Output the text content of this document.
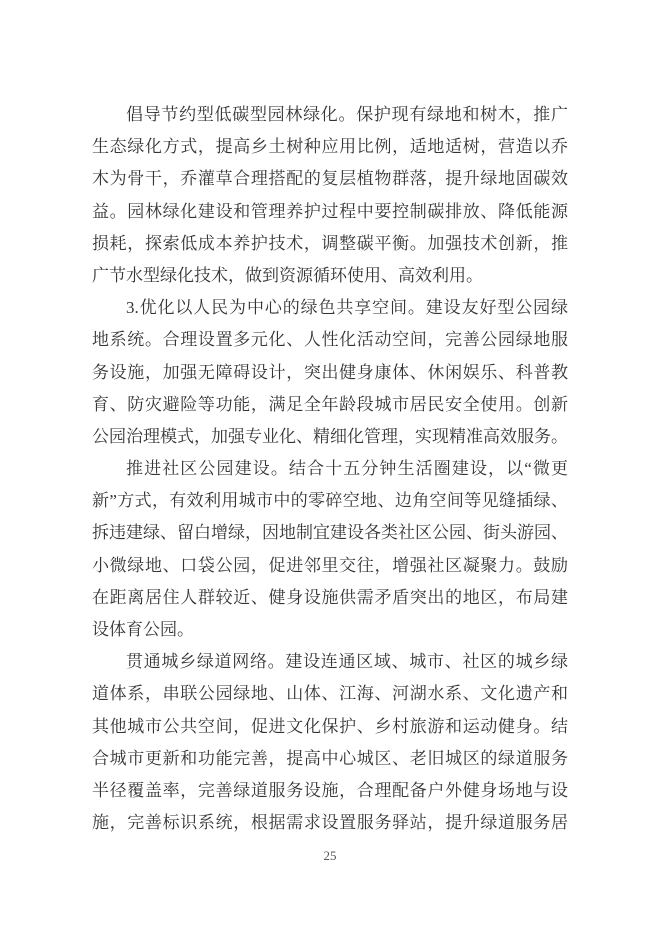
倡导节约型低碳型园林绿化。保护现有绿地和树木，推广
生态绿化方式，提高乡土树种应用比例，适地适树，营造以乔
木为骨干，乔灌草合理搭配的复层植物群落，提升绿地固碳效
益。园林绿化建设和管理养护过程中要控制碳排放、降低能源
损耗，探索低成本养护技术，调整碳平衡。加强技术创新，推
广节水型绿化技术，做到资源循环使用、高效利用。
3.优化以人民为中心的绿色共享空间。建设友好型公园绿
地系统。合理设置多元化、人性化活动空间，完善公园绿地服
务设施，加强无障碍设计，突出健身康体、休闲娱乐、科普教
育、防灾避险等功能，满足全年龄段城市居民安全使用。创新
公园治理模式，加强专业化、精细化管理，实现精准高效服务。
推进社区公园建设。结合十五分钟生活圈建设，以“微更
新”方式，有效利用城市中的零碎空地、边角空间等见缝插绿、
拆违建绿、留白增绿，因地制宜建设各类社区公园、街头游园、
小微绿地、口袋公园，促进邻里交往，增强社区凝聚力。鼓励
在距离居住人群较近、健身设施供需矛盾突出的地区，布局建
设体育公园。
贯通城乡绿道网络。建设连通区域、城市、社区的城乡绿
道体系，串联公园绿地、山体、江海、河湖水系、文化遗产和
其他城市公共空间，促进文化保护、乡村旅游和运动健身。结
合城市更新和功能完善，提高中心城区、老旧城区的绿道服务
半径覆盖率，完善绿道服务设施，合理配备户外健身场地与设
施，完善标识系统，根据需求设置服务驿站，提升绿道服务居
25
